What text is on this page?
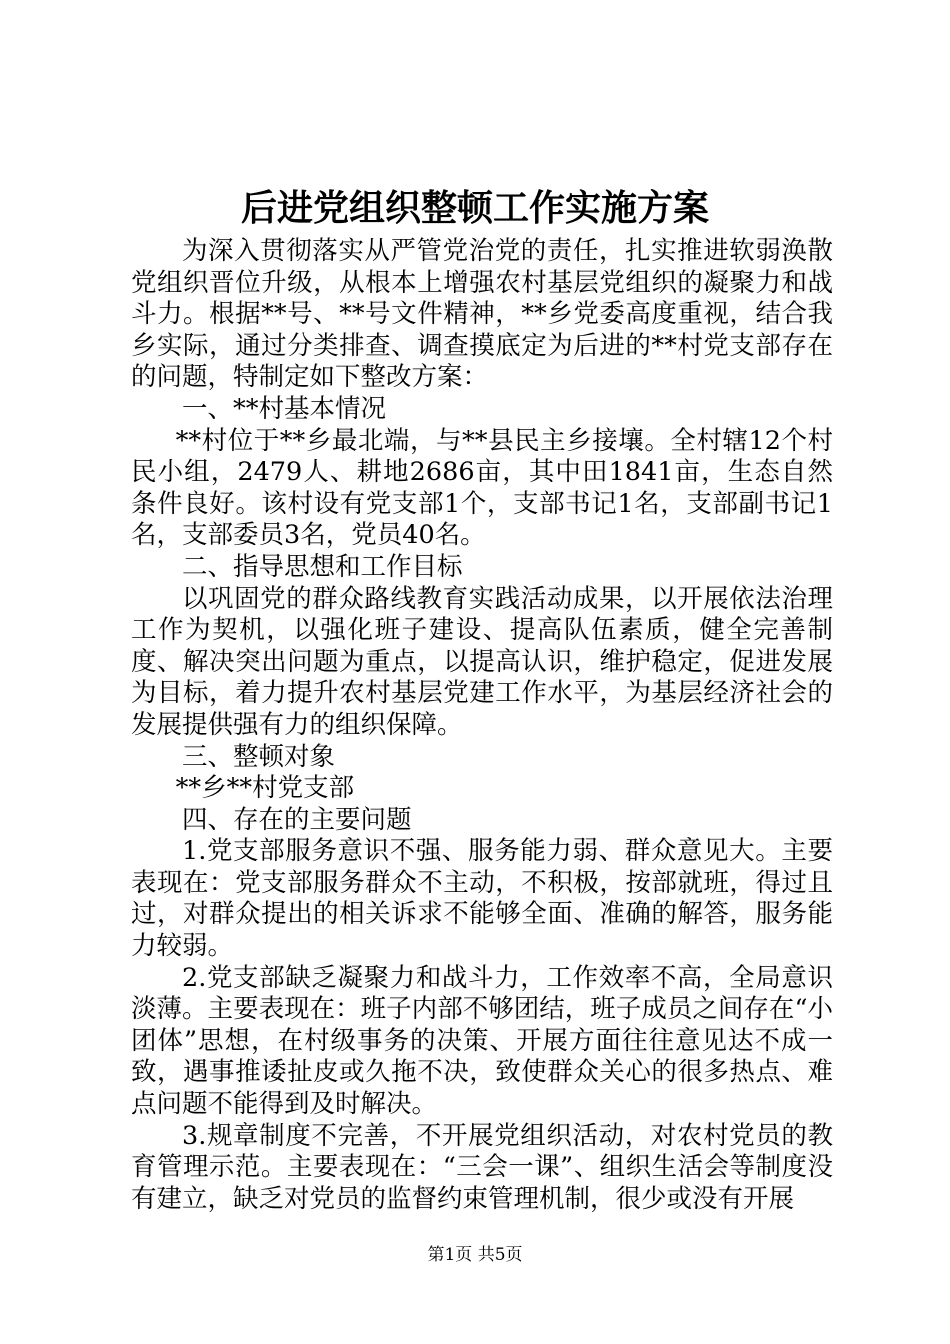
后进党组织整顿工作实施方案

为深入贯彻落实从严管党治党的责任，扎实推进软弱涣散党组织晋位升级，从根本上增强农村基层党组织的凝聚力和战斗力。根据**号、**号文件精神，**乡党委高度重视，结合我乡实际，通过分类排查、调查摸底定为后进的**村党支部存在的问题，特制定如下整改方案：

一、**村基本情况

**村位于**乡最北端，与**县民主乡接壤。全村辖12个村民小组，2479人、耕地2686亩，其中田1841亩，生态自然条件良好。该村设有党支部1个，支部书记1名，支部副书记1名，支部委员3名，党员40名。

二、指导思想和工作目标

以巩固党的群众路线教育实践活动成果，以开展依法治理工作为契机，以强化班子建设、提高队伍素质，健全完善制度、解决突出问题为重点，以提高认识，维护稳定，促进发展为目标，着力提升农村基层党建工作水平，为基层经济社会的发展提供强有力的组织保障。

三、整顿对象

**乡**村党支部

四、存在的主要问题

1.党支部服务意识不强、服务能力弱、群众意见大。主要表现在：党支部服务群众不主动，不积极，按部就班，得过且过，对群众提出的相关诉求不能够全面、准确的解答，服务能力较弱。

2.党支部缺乏凝聚力和战斗力，工作效率不高，全局意识淡薄。主要表现在：班子内部不够团结，班子成员之间存在“小团体”思想，在村级事务的决策、开展方面往往意见达不成一致，遇事推诿扯皮或久拖不决，致使群众关心的很多热点、难点问题不能得到及时解决。

3.规章制度不完善，不开展党组织活动，对农村党员的教育管理示范。主要表现在：“三会一课”、组织生活会等制度没有建立，缺乏对党员的监督约束管理机制，很少或没有开展

第1页 共5页
